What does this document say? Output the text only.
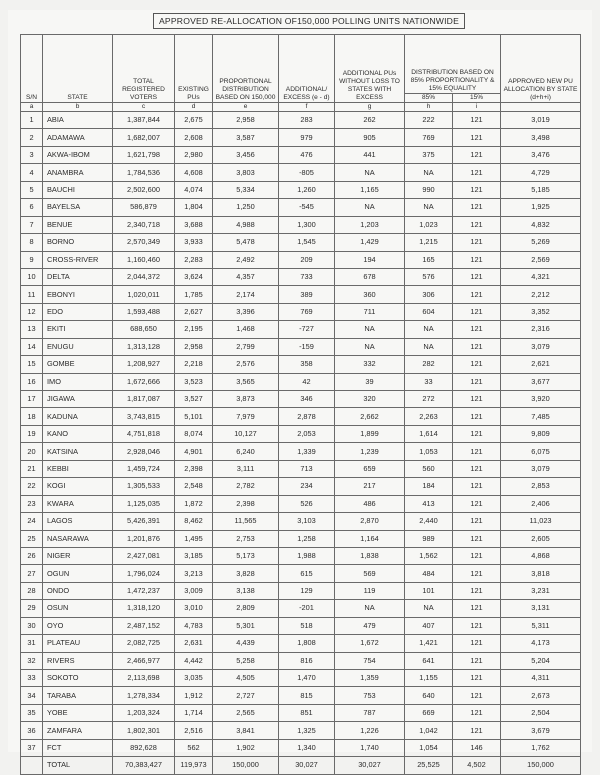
APPROVED RE-ALLOCATION OF150,000 POLLING UNITS NATIONWIDE
S/N	STATE	TOTAL REGISTERED VOTERS	EXISTING PUs	PROPORTIONAL DISTRIBUTION BASED ON 150,000	ADDITIONAL/ EXCESS (e - d)	ADDITIONAL PUs WITHOUT LOSS TO STATES WITH EXCESS	DISTRIBUTION BASED ON 85% PROPORTIONALITY & 15% EQUALITY		APPROVED NEW PU ALLOCATION BY STATE (d+h+i)
							85%	15%	
a	b	c	d	e	f	g	h	i	
1	ABIA	1,387,844	2,675	2,958	283	262	222	121	3,019
2	ADAMAWA	1,682,007	2,608	3,587	979	905	769	121	3,498
3	AKWA-IBOM	1,621,798	2,980	3,456	476	441	375	121	3,476
4	ANAMBRA	1,784,536	4,608	3,803	-805	NA	NA	121	4,729
5	BAUCHI	2,502,600	4,074	5,334	1,260	1,165	990	121	5,185
6	BAYELSA	586,879	1,804	1,250	-545	NA	NA	121	1,925
7	BENUE	2,340,718	3,688	4,988	1,300	1,203	1,023	121	4,832
8	BORNO	2,570,349	3,933	5,478	1,545	1,429	1,215	121	5,269
9	CROSS-RIVER	1,160,460	2,283	2,492	209	194	165	121	2,569
10	DELTA	2,044,372	3,624	4,357	733	678	576	121	4,321
11	EBONYI	1,020,011	1,785	2,174	389	360	306	121	2,212
12	EDO	1,593,488	2,627	3,396	769	711	604	121	3,352
13	EKITI	688,650	2,195	1,468	-727	NA	NA	121	2,316
14	ENUGU	1,313,128	2,958	2,799	-159	NA	NA	121	3,079
15	GOMBE	1,208,927	2,218	2,576	358	332	282	121	2,621
16	IMO	1,672,666	3,523	3,565	42	39	33	121	3,677
17	JIGAWA	1,817,087	3,527	3,873	346	320	272	121	3,920
18	KADUNA	3,743,815	5,101	7,979	2,878	2,662	2,263	121	7,485
19	KANO	4,751,818	8,074	10,127	2,053	1,899	1,614	121	9,809
20	KATSINA	2,928,046	4,901	6,240	1,339	1,239	1,053	121	6,075
21	KEBBI	1,459,724	2,398	3,111	713	659	560	121	3,079
22	KOGI	1,305,533	2,548	2,782	234	217	184	121	2,853
23	KWARA	1,125,035	1,872	2,398	526	486	413	121	2,406
24	LAGOS	5,426,391	8,462	11,565	3,103	2,870	2,440	121	11,023
25	NASARAWA	1,201,876	1,495	2,753	1,258	1,164	989	121	2,605
26	NIGER	2,427,081	3,185	5,173	1,988	1,838	1,562	121	4,868
27	OGUN	1,796,024	3,213	3,828	615	569	484	121	3,818
28	ONDO	1,472,237	3,009	3,138	129	119	101	121	3,231
29	OSUN	1,318,120	3,010	2,809	-201	NA	NA	121	3,131
30	OYO	2,487,152	4,783	5,301	518	479	407	121	5,311
31	PLATEAU	2,082,725	2,631	4,439	1,808	1,672	1,421	121	4,173
32	RIVERS	2,466,977	4,442	5,258	816	754	641	121	5,204
33	SOKOTO	2,113,698	3,035	4,505	1,470	1,359	1,155	121	4,311
34	TARABA	1,278,334	1,912	2,727	815	753	640	121	2,673
35	YOBE	1,203,324	1,714	2,565	851	787	669	121	2,504
36	ZAMFARA	1,802,301	2,516	3,841	1,325	1,226	1,042	121	3,679
37	FCT	892,628	562	1,902	1,340	1,740	1,054	146	1,762
	TOTAL	70,383,427	119,973	150,000	30,027	30,027	25,525	4,502	150,000
